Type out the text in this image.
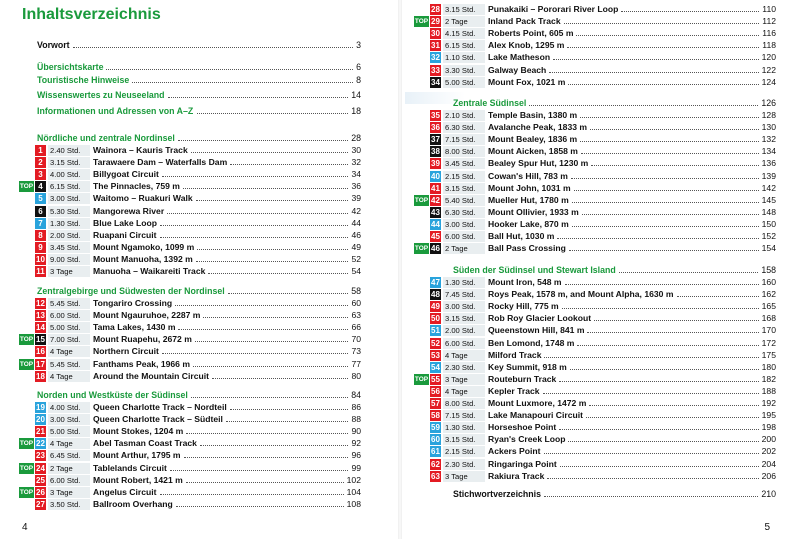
Inhaltsverzeichnis
Vorwort	3
Übersichtskarte	6
Touristische Hinweise	8
Wissenswertes zu Neuseeland	14
Informationen und Adressen von A–Z	18
Nördliche und zentrale Nordinsel	28
1 2.40 Std.	Wainora – Kauris Track	30
2 3.15 Std.	Tarawaere Dam – Waterfalls Dam	32
3 4.00 Std.	Billygoat Circuit	34
TOP 4 6.15 Std.	The Pinnacles, 759 m	36
5 3.00 Std.	Waitomo – Ruakuri Walk	39
6 5.30 Std.	Mangorewa River	42
7 1.30 Std.	Blue Lake Loop	44
8 2.00 Std.	Ruapani Circuit	46
9 3.45 Std.	Mount Ngamoko, 1099 m	49
10 9.00 Std.	Mount Manuoha, 1392 m	52
11 3 Tage	Manuoha – Waikareiti Track	54
Zentralgebirge und Südwesten der Nordinsel	58
12 5.45 Std.	Tongariro Crossing	60
13 6.00 Std.	Mount Ngauruhoe, 2287 m	63
14 5.00 Std.	Tama Lakes, 1430 m	66
TOP 15 7.00 Std.	Mount Ruapehu, 2672 m	70
16 4 Tage	Northern Circuit	73
TOP 17 5.45 Std.	Fanthams Peak, 1966 m	77
18 4 Tage	Around the Mountain Circuit	80
Norden und Westküste der Südinsel	84
19 4.00 Std.	Queen Charlotte Track – Nordteil	86
20 3.00 Std.	Queen Charlotte Track – Südteil	88
21 5.00 Std.	Mount Stokes, 1204 m	90
TOP 22 4 Tage	Abel Tasman Coast Track	92
23 6.45 Std.	Mount Arthur, 1795 m	96
TOP 24 2 Tage	Tablelands Circuit	99
25 6.00 Std.	Mount Robert, 1421 m	102
TOP 26 3 Tage	Angelus Circuit	104
27 3.50 Std.	Ballroom Overhang	108
4
28 3.15 Std.	Punakaiki – Pororari River Loop	110
TOP 29 2 Tage	Inland Pack Track	112
30 4.15 Std.	Roberts Point, 605 m	116
31 6.15 Std.	Alex Knob, 1295 m	118
32 1.10 Std.	Lake Matheson	120
33 3.30 Std.	Galway Beach	122
34 5.00 Std.	Mount Fox, 1021 m	124
Zentrale Südinsel	126
35 2.10 Std.	Temple Basin, 1380 m	128
36 6.30 Std.	Avalanche Peak, 1833 m	130
37 7.15 Std.	Mount Bealey, 1836 m	132
38 8.00 Std.	Mount Aicken, 1858 m	134
39 3.45 Std.	Bealey Spur Hut, 1230 m	136
40 2.15 Std.	Cowan's Hill, 783 m	139
41 3.15 Std.	Mount John, 1031 m	142
TOP 42 5.40 Std.	Mueller Hut, 1780 m	145
43 6.30 Std.	Mount Ollivier, 1933 m	148
44 3.00 Std.	Hooker Lake, 870 m	150
45 6.00 Std.	Ball Hut, 1030 m	152
TOP 46 2 Tage	Ball Pass Crossing	154
Süden der Südinsel und Stewart Island	158
47 1.30 Std.	Mount Iron, 548 m	160
48 7.45 Std.	Roys Peak, 1578 m, and Mount Alpha, 1630 m	162
49 3.00 Std.	Rocky Hill, 775 m	165
50 3.15 Std.	Rob Roy Glacier Lookout	168
51 2.00 Std.	Queenstown Hill, 841 m	170
52 6.00 Std.	Ben Lomond, 1748 m	172
53 4 Tage	Milford Track	175
54 2.30 Std.	Key Summit, 918 m	180
TOP 55 3 Tage	Routeburn Track	182
56 4 Tage	Kepler Track	188
57 8.00 Std.	Mount Luxmore, 1472 m	192
58 7.15 Std.	Lake Manapouri Circuit	195
59 1.30 Std.	Horseshoe Point	198
60 3.15 Std.	Ryan's Creek Loop	200
61 2.15 Std.	Ackers Point	202
62 2.30 Std.	Ringaringa Point	204
63 3 Tage	Rakiura Track	206
Stichwortverzeichnis	210
5
